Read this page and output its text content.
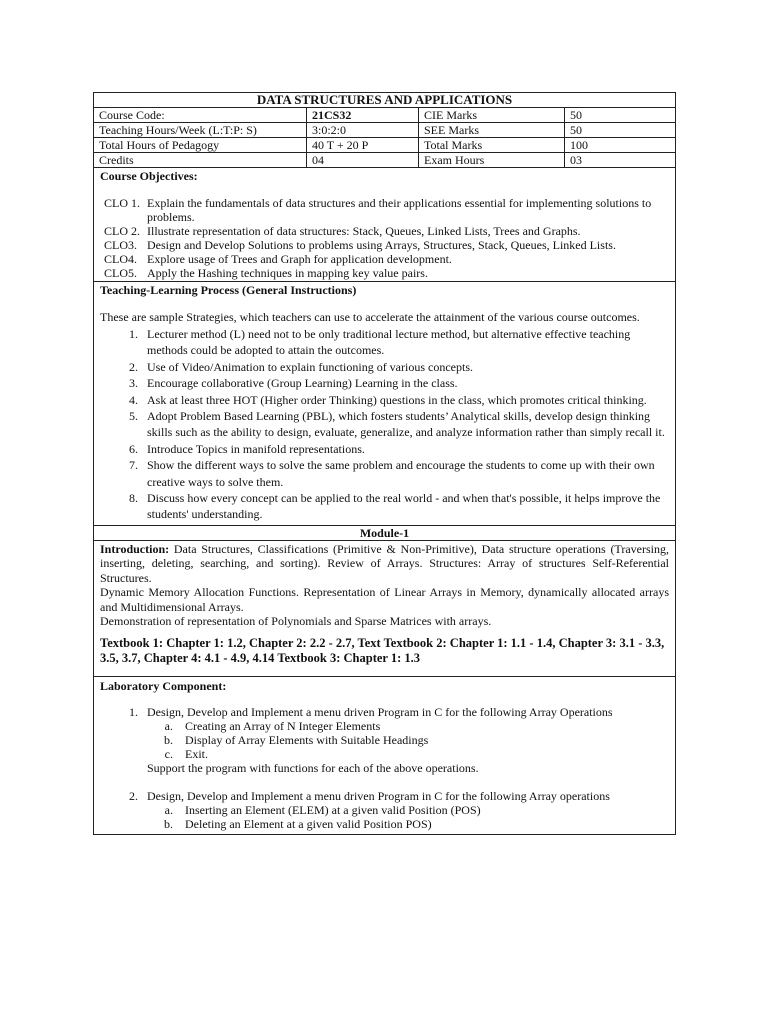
DATA STRUCTURES AND APPLICATIONS
Course Code:	21CS32	CIE Marks	50
Teaching Hours/Week (L:T:P: S)	3:0:2:0	SEE Marks	50
Total Hours of Pedagogy	40 T + 20 P	Total Marks	100
Credits	04	Exam Hours	03
Course Objectives:
CLO 1. Explain the fundamentals of data structures and their applications essential for implementing solutions to problems.
CLO 2. Illustrate representation of data structures: Stack, Queues, Linked Lists, Trees and Graphs.
CLO3. Design and Develop Solutions to problems using Arrays, Structures, Stack, Queues, Linked Lists.
CLO4. Explore usage of Trees and Graph for application development.
CLO5. Apply the Hashing techniques in mapping key value pairs.
Teaching-Learning Process (General Instructions)
These are sample Strategies, which teachers can use to accelerate the attainment of the various course outcomes.
1. Lecturer method (L) need not to be only traditional lecture method, but alternative effective teaching methods could be adopted to attain the outcomes.
2. Use of Video/Animation to explain functioning of various concepts.
3. Encourage collaborative (Group Learning) Learning in the class.
4. Ask at least three HOT (Higher order Thinking) questions in the class, which promotes critical thinking.
5. Adopt Problem Based Learning (PBL), which fosters students’ Analytical skills, develop design thinking skills such as the ability to design, evaluate, generalize, and analyze information rather than simply recall it.
6. Introduce Topics in manifold representations.
7. Show the different ways to solve the same problem and encourage the students to come up with their own creative ways to solve them.
8. Discuss how every concept can be applied to the real world - and when that's possible, it helps improve the students' understanding.
Module-1
Introduction: Data Structures, Classifications (Primitive & Non-Primitive), Data structure operations (Traversing, inserting, deleting, searching, and sorting). Review of Arrays. Structures: Array of structures Self-Referential Structures.
Dynamic Memory Allocation Functions. Representation of Linear Arrays in Memory, dynamically allocated arrays and Multidimensional Arrays.
Demonstration of representation of Polynomials and Sparse Matrices with arrays.
Textbook 1: Chapter 1: 1.2, Chapter 2: 2.2 - 2.7, Text Textbook 2: Chapter 1: 1.1 - 1.4, Chapter 3: 3.1 - 3.3, 3.5, 3.7, Chapter 4: 4.1 - 4.9, 4.14 Textbook 3: Chapter 1: 1.3
Laboratory Component:
1. Design, Develop and Implement a menu driven Program in C for the following Array Operations
a.	Creating an Array of N Integer Elements
b.	Display of Array Elements with Suitable Headings
c.	Exit.
Support the program with functions for each of the above operations.
2. Design, Develop and Implement a menu driven Program in C for the following Array operations
a.	Inserting an Element (ELEM) at a given valid Position (POS)
b.	Deleting an Element at a given valid Position POS)
